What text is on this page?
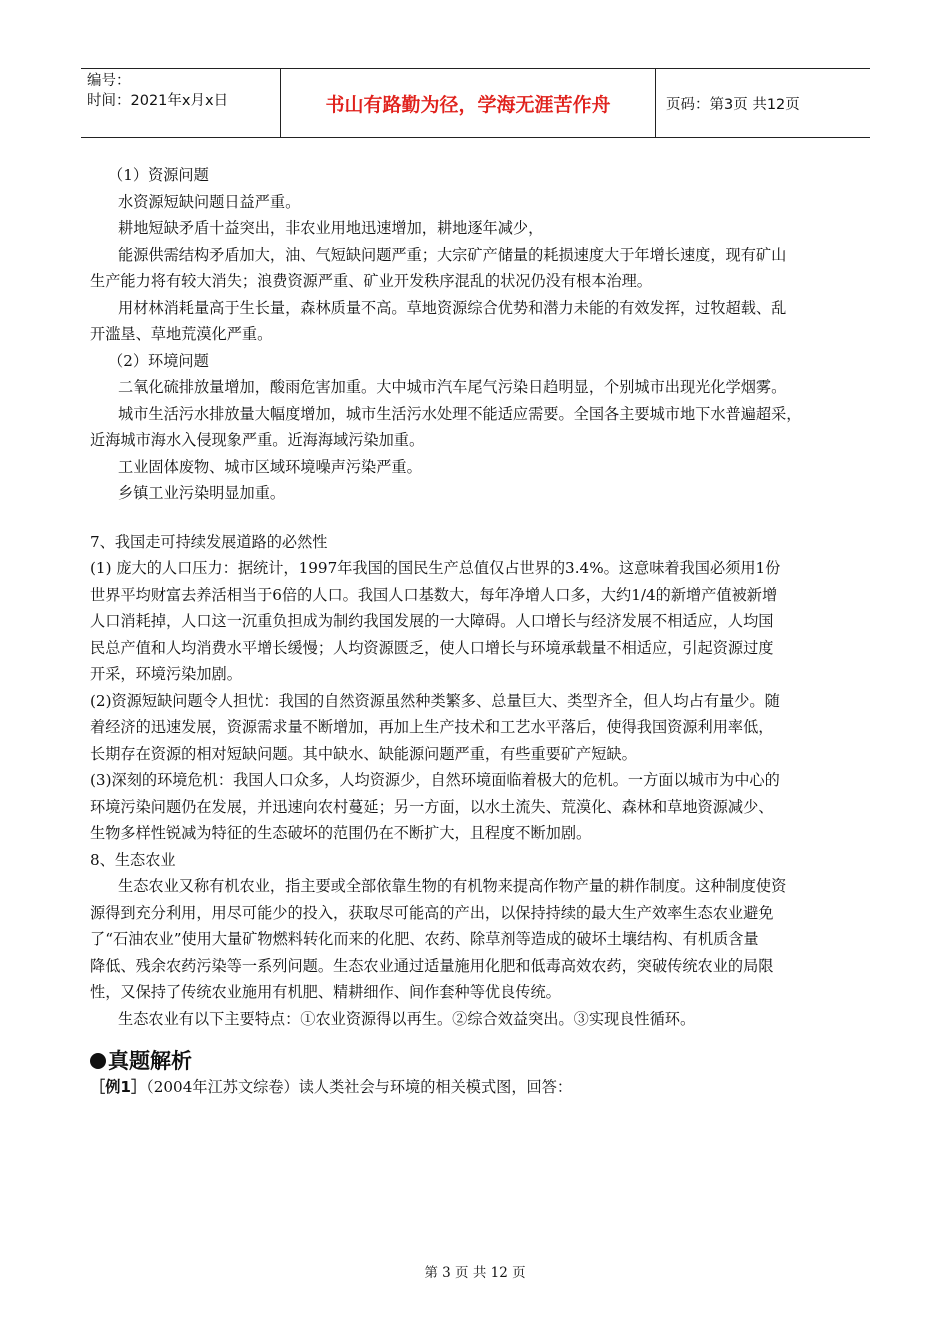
编号：
时间：2021年x月x日	书山有路勤为径，学海无涯苦作舟	页码：第3页 共12页
（1）资源问题
水资源短缺问题日益严重。
耕地短缺矛盾十益突出，非农业用地迅速增加，耕地逐年减少，
能源供需结构矛盾加大，油、气短缺问题严重；大宗矿产储量的耗损速度大于年增长速度，现有矿山
生产能力将有较大消失；浪费资源严重、矿业开发秩序混乱的状况仍没有根本治理。
用材林消耗量高于生长量，森林质量不高。草地资源综合优势和潜力未能的有效发挥，过牧超载、乱
开滥垦、草地荒漠化严重。
（2）环境问题
二氧化硫排放量增加，酸雨危害加重。大中城市汽车尾气污染日趋明显，个别城市出现光化学烟雾。
城市生活污水排放量大幅度增加，城市生活污水处理不能适应需要。全国各主要城市地下水普遍超采，
近海城市海水入侵现象严重。近海海域污染加重。
工业固体废物、城市区域环境噪声污染严重。
乡镇工业污染明显加重。
7、我国走可持续发展道路的必然性
(1) 庞大的人口压力：据统计，1997年我国的国民生产总值仅占世界的3.4%。这意味着我国必须用1份
世界平均财富去养活相当于6倍的人口。我国人口基数大，每年净增人口多，大约1/4的新增产值被新增
人口消耗掉，人口这一沉重负担成为制约我国发展的一大障碍。人口增长与经济发展不相适应，人均国
民总产值和人均消费水平增长缓慢；人均资源匮乏，使人口增长与环境承载量不相适应，引起资源过度
开采，环境污染加剧。
(2)资源短缺问题令人担忧：我国的自然资源虽然种类繁多、总量巨大、类型齐全，但人均占有量少。随
着经济的迅速发展，资源需求量不断增加，再加上生产技术和工艺水平落后，使得我国资源利用率低，
长期存在资源的相对短缺问题。其中缺水、缺能源问题严重，有些重要矿产短缺。
(3)深刻的环境危机：我国人口众多，人均资源少，自然环境面临着极大的危机。一方面以城市为中心的
环境污染问题仍在发展，并迅速向农村蔓延；另一方面，以水土流失、荒漠化、森林和草地资源减少、
生物多样性锐减为特征的生态破坏的范围仍在不断扩大，且程度不断加剧。
8、生态农业
生态农业又称有机农业，指主要或全部依靠生物的有机物来提高作物产量的耕作制度。这种制度使资
源得到充分利用，用尽可能少的投入，获取尽可能高的产出，以保持持续的最大生产效率生态农业避免
了“石油农业”使用大量矿物燃料转化而来的化肥、农药、除草剂等造成的破坏土壤结构、有机质含量
降低、残余农药污染等一系列问题。生态农业通过适量施用化肥和低毒高效农药，突破传统农业的局限
性，又保持了传统农业施用有机肥、精耕细作、间作套种等优良传统。
生态农业有以下主要特点：①农业资源得以再生。②综合效益突出。③实现良性循环。
真题解析
［例1］（2004年江苏文综卷）读人类社会与环境的相关模式图，回答：
第 3 页 共 12 页
